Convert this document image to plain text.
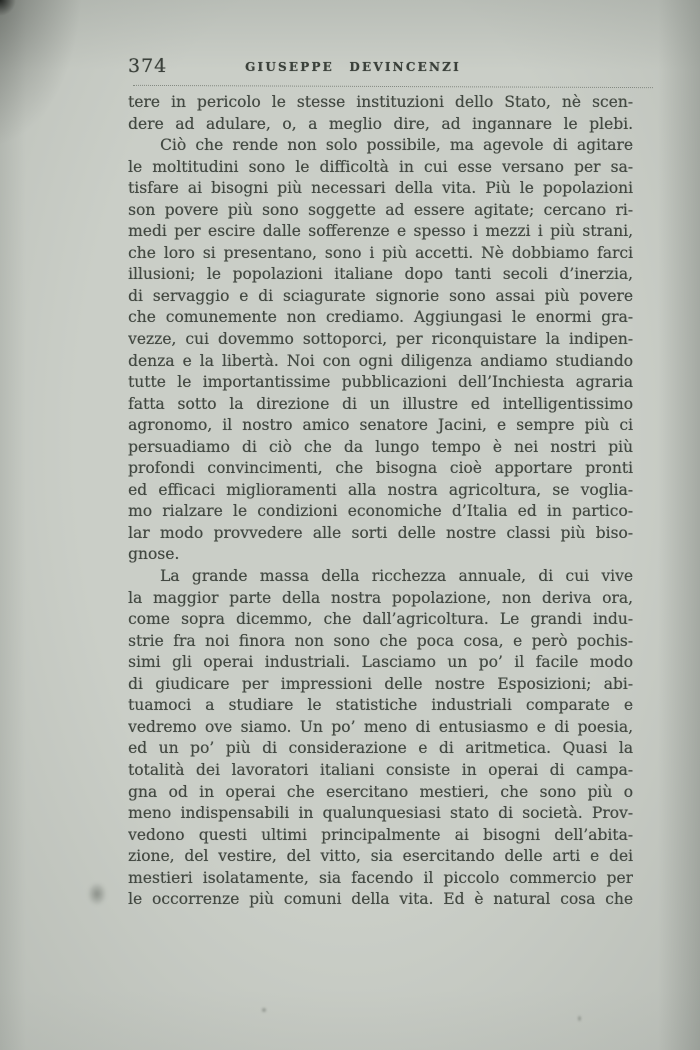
374	GIUSEPPE DEVINCENZI
tere in pericolo le stesse instituzioni dello Stato, nè scen-
dere ad adulare, o, a meglio dire, ad ingannare le plebi.
Ciò che rende non solo possibile, ma agevole di agitare
le moltitudini sono le difficoltà in cui esse versano per sa-
tisfare ai bisogni più necessari della vita. Più le popolazioni
son povere più sono soggette ad essere agitate; cercano ri-
medi per escire dalle sofferenze e spesso i mezzi i più strani,
che loro si presentano, sono i più accetti. Nè dobbiamo farci
illusioni; le popolazioni italiane dopo tanti secoli d’inerzia,
di servaggio e di sciagurate signorie sono assai più povere
che comunemente non crediamo. Aggiungasi le enormi gra-
vezze, cui dovemmo sottoporci, per riconquistare la indipen-
denza e la libertà. Noi con ogni diligenza andiamo studiando
tutte le importantissime pubblicazioni dell’Inchiesta agraria
fatta sotto la direzione di un illustre ed intelligentissimo
agronomo, il nostro amico senatore Jacini, e sempre più ci
persuadiamo di ciò che da lungo tempo è nei nostri più
profondi convincimenti, che bisogna cioè apportare pronti
ed efficaci miglioramenti alla nostra agricoltura, se voglia-
mo rialzare le condizioni economiche d’Italia ed in partico-
lar modo provvedere alle sorti delle nostre classi più biso-
gnose.
La grande massa della ricchezza annuale, di cui vive
la maggior parte della nostra popolazione, non deriva ora,
come sopra dicemmo, che dall’agricoltura. Le grandi indu-
strie fra noi finora non sono che poca cosa, e però pochis-
simi gli operai industriali. Lasciamo un po’ il facile modo
di giudicare per impressioni delle nostre Esposizioni; abi-
tuamoci a studiare le statistiche industriali comparate e
vedremo ove siamo. Un po’ meno di entusiasmo e di poesia,
ed un po’ più di considerazione e di aritmetica. Quasi la
totalità dei lavoratori italiani consiste in operai di campa-
gna od in operai che esercitano mestieri, che sono più o
meno indispensabili in qualunquesiasi stato di società. Prov-
vedono questi ultimi principalmente ai bisogni dell’abita-
zione, del vestire, del vitto, sia esercitando delle arti e dei
mestieri isolatamente, sia facendo il piccolo commercio per
le occorrenze più comuni della vita. Ed è natural cosa che
